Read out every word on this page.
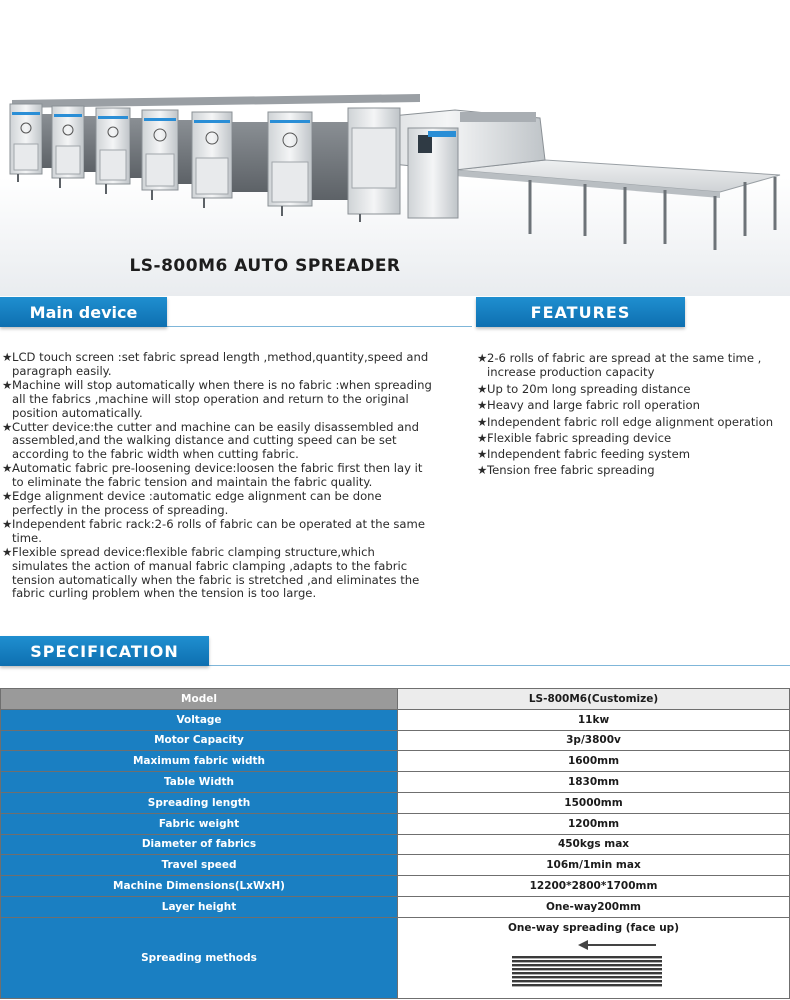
LS-800M6 AUTO SPREADER
Main device	FEATURES
SPECIFICATION
★ LCD touch screen :set fabric spread length ,method,quantity,speed and paragraph easily.
★ Machine will stop automatically when there is no fabric :when spreading all the fabrics ,machine will stop operation and return to the original position automatically.
★ Cutter device:the cutter and machine can be easily disassembled and assembled,and the walking distance and cutting speed can be set according to the fabric width when cutting fabric.
★ Automatic fabric pre-loosening device:loosen the fabric first then lay it to eliminate the fabric tension and maintain the fabric quality.
★ Edge alignment device :automatic edge alignment can be done perfectly in the process of spreading.
★ Independent fabric rack:2-6 rolls of fabric can be operated at the same time.
★ Flexible spread device:flexible fabric clamping structure,which simulates the action of manual fabric clamping ,adapts to the fabric tension automatically when the fabric is stretched ,and eliminates the fabric curling problem when the tension is too large.
★ 2-6 rolls of fabric are spread at the same time , increase production capacity
★ Up to 20m long spreading distance
★ Heavy and large fabric roll operation
★ Independent fabric roll edge alignment operation
★ Flexible fabric spreading device
★ Independent fabric feeding system
★ Tension free fabric spreading
Model	LS-800M6(Customize)
Voltage	11kw
Motor Capacity	3p/3800v
Maximum fabric width	1600mm
Table Width	1830mm
Spreading length	15000mm
Fabric weight	1200mm
Diameter of fabrics	450kgs max
Travel speed	106m/1min max
Machine Dimensions(LxWxH)	12200*2800*1700mm
Layer height	One-way200mm
Spreading methods	One-way spreading (face up)
